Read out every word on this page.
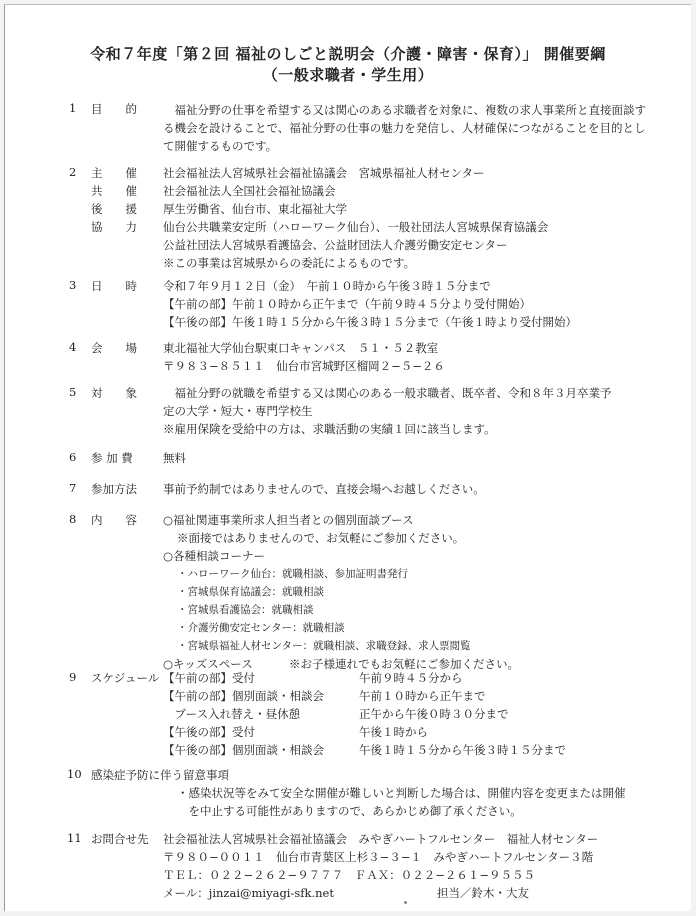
令和７年度「第２回 福祉のしごと説明会（介護・障害・保育）」 開催要綱
（一般求職者・学生用）
1 目　　的 　福祉分野の仕事を希望する又は関心のある求職者を対象に、複数の求人事業所と直接面談する機会を設けることで、福祉分野の仕事の魅力を発信し、人材確保につながることを目的として開催するものです。
2 主　　催 社会福祉法人宮城県社会福祉協議会　宮城県福祉人材センター
共　　催 社会福祉法人全国社会福祉協議会
後　　援 厚生労働省、仙台市、東北福祉大学
協　　力 仙台公共職業安定所（ハローワーク仙台）、一般社団法人宮城県保育協議会
公益社団法人宮城県看護協会、公益財団法人介護労働安定センター
※この事業は宮城県からの委託によるものです。
3 日　　時 令和７年９月１２日（金）　午前１０時から午後３時１５分まで
【午前の部】午前１０時から正午まで（午前９時４５分より受付開始）
【午後の部】午後１時１５分から午後３時１５分まで（午後１時より受付開始）
4 会　　場 東北福祉大学仙台駅東口キャンパス　５１・５２教室
〒９８３−８５１１　仙台市宮城野区榴岡２−５−２６
5 対　　象 　福祉分野の就職を希望する又は関心のある一般求職者、既卒者、令和８年３月卒業予
定の大学・短大・専門学校生
※雇用保険を受給中の方は、求職活動の実績１回に該当します。
6 参 加 費	無料
7 参加方法 事前予約制ではありませんので、直接会場へお越しください。
8 内　　容 ○福祉関連事業所求人担当者との個別面談ブース
※面接ではありませんので、お気軽にご参加ください。
○各種相談コーナー
・ハローワーク仙台：就職相談、参加証明書発行
・宮城県保育協議会：就職相談
・宮城県看護協会：就職相談
・介護労働安定センター：就職相談
・宮城県福祉人材センター：就職相談、求職登録、求人票閲覧
○キッズスペース	※お子様連れでもお気軽にご参加ください。
9 スケジュール 【午前の部】受付	午前９時４５分から
【午前の部】個別面談・相談会	午前１０時から正午まで
　ブース入れ替え・昼休憩	正午から午後０時３０分まで
【午後の部】受付	午後１時から
【午後の部】個別面談・相談会	午後１時１５分から午後３時１５分まで
10 感染症予防に伴う留意事項
・感染状況等をみて安全な開催が難しいと判断した場合は、開催内容を変更または開催
　を中止する可能性がありますので、あらかじめ御了承ください。
11 お問合せ先 社会福祉法人宮城県社会福祉協議会　みやぎハートフルセンター　福祉人材センター
〒９８０−００１１　仙台市青葉区上杉３−３−１　みやぎハートフルセンター３階
ＴＥＬ：０２２−２６２−９７７７　ＦＡＸ：０２２−２６１−９５５５
メール：jinzai@miyagi-sfk.net	担当／鈴木・大友
